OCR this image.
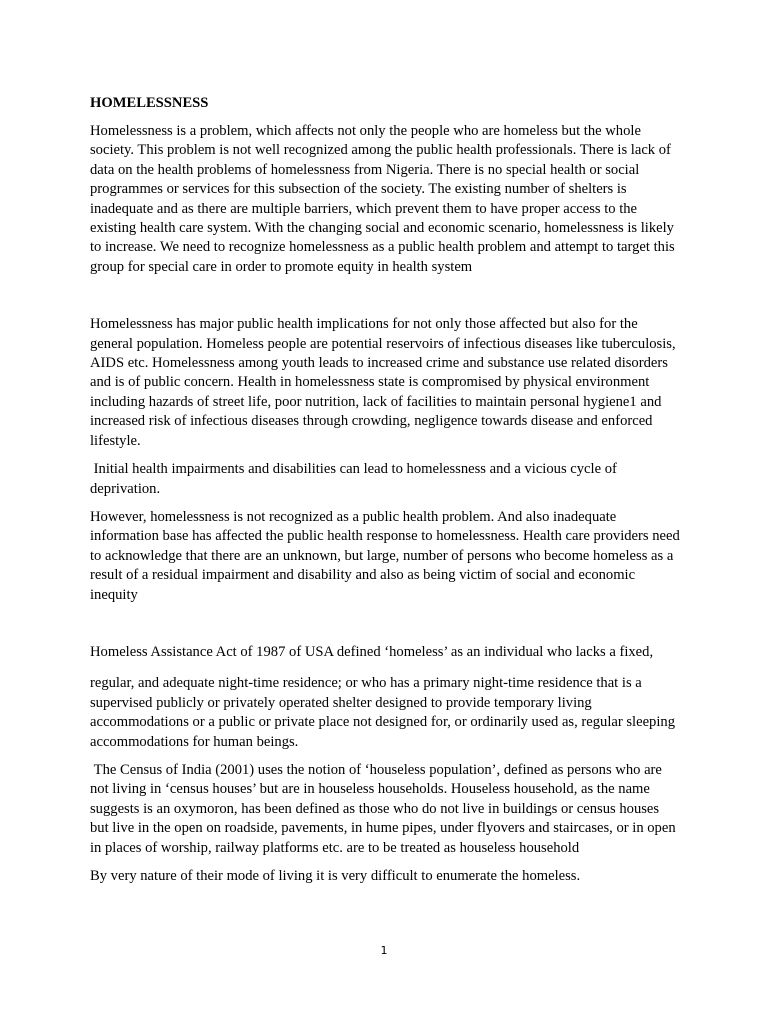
HOMELESSNESS

Homelessness is a problem, which affects not only the people who are homeless but the whole society. This problem is not well recognized among the public health professionals. There is lack of data on the health problems of homelessness from Nigeria. There is no special health or social programmes or services for this subsection of the society. The existing number of shelters is inadequate and as there are multiple barriers, which prevent them to have proper access to the existing health care system. With the changing social and economic scenario, homelessness is likely to increase. We need to recognize homelessness as a public health problem and attempt to target this group for special care in order to promote equity in health system

Homelessness has major public health implications for not only those affected but also for the general population. Homeless people are potential reservoirs of infectious diseases like tuberculosis, AIDS etc. Homelessness among youth leads to increased crime and substance use related disorders and is of public concern. Health in homelessness state is compromised by physical environment including hazards of street life, poor nutrition, lack of facilities to maintain personal hygiene1 and increased risk of infectious diseases through crowding, negligence towards disease and enforced lifestyle.

Initial health impairments and disabilities can lead to homelessness and a vicious cycle of deprivation.

However, homelessness is not recognized as a public health problem. And also inadequate information base has affected the public health response to homelessness. Health care providers need to acknowledge that there are an unknown, but large, number of persons who become homeless as a result of a residual impairment and disability and also as being victim of social and economic inequity

Homeless Assistance Act of 1987 of USA defined ‘homeless’ as an individual who lacks a fixed,

regular, and adequate night-time residence; or who has a primary night-time residence that is a supervised publicly or privately operated shelter designed to provide temporary living accommodations or a public or private place not designed for, or ordinarily used as, regular sleeping accommodations for human beings.

The Census of India (2001) uses the notion of ‘houseless population’, defined as persons who are not living in ‘census houses’ but are in houseless households. Houseless household, as the name suggests is an oxymoron, has been defined as those who do not live in buildings or census houses but live in the open on roadside, pavements, in hume pipes, under flyovers and staircases, or in open in places of worship, railway platforms etc. are to be treated as houseless household

By very nature of their mode of living it is very difficult to enumerate the homeless.

1
